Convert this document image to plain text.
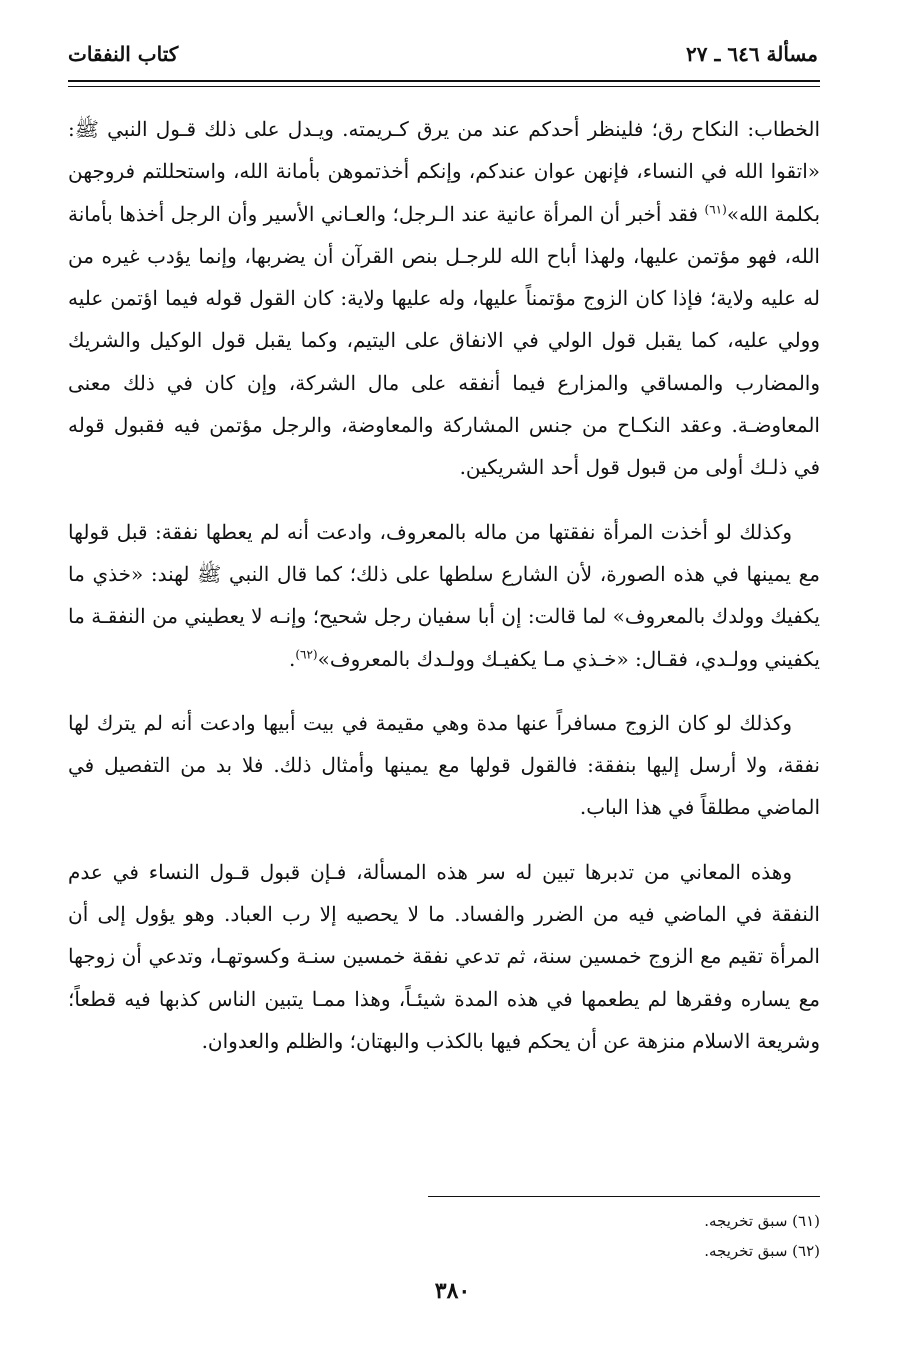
مسألة ٦٤٦ ـ ٢٧
كتاب النفقات

الخطاب: النكاح رق؛ فلينظر أحدكم عند من يرق كـريمته. ويـدل على ذلك قـول النبي ﷺ: «اتقوا الله في النساء، فإنهن عوان عندكم، وإنكم أخذتموهن بأمانة الله، واستحللتم فروجهن بكلمة الله»$^{(٦١)}$ فقد أخبر أن المرأة عانية عند الـرجل؛ والعـاني الأسير وأن الرجل أخذها بأمانة الله، فهو مؤتمن عليها، ولهذا أباح الله للرجـل بنص القرآن أن يضربها، وإنما يؤدب غيره من له عليه ولاية؛ فإذا كان الزوج مؤتمناً عليها، وله عليها ولاية: كان القول قوله فيما اؤتمن عليه وولي عليه، كما يقبل قول الولي في الانفاق على اليتيم، وكما يقبل قول الوكيل والشريك والمضارب والمساقي والمزارع فيما أنفقه على مال الشركة، وإن كان في ذلك معنى المعاوضـة. وعقد النكـاح من جنس المشاركة والمعاوضة، والرجل مؤتمن فيه فقبول قوله في ذلـك أولى من قبول قول أحد الشريكين.

وكذلك لو أخذت المرأة نفقتها من ماله بالمعروف، وادعت أنه لم يعطها نفقة: قبل قولها مع يمينها في هذه الصورة، لأن الشارع سلطها على ذلك؛ كما قال النبي ﷺ لهند: «خذي ما يكفيك وولدك بالمعروف» لما قالت: إن أبا سفيان رجل شحيح؛ وإنـه لا يعطيني من النفقـة ما يكفيني وولـدي، فقـال: «خـذي مـا يكفيـك وولـدك بالمعروف»$^{(٦٢)}$.

وكذلك لو كان الزوج مسافراً عنها مدة وهي مقيمة في بيت أبيها وادعت أنه لم يترك لها نفقة، ولا أرسل إليها بنفقة: فالقول قولها مع يمينها وأمثال ذلك. فلا بد من التفصيل في الماضي مطلقاً في هذا الباب.

وهذه المعاني من تدبرها تبين له سر هذه المسألة، فـإن قبول قـول النساء في عدم النفقة في الماضي فيه من الضرر والفساد. ما لا يحصيه إلا رب العباد. وهو يؤول إلى أن المرأة تقيم مع الزوج خمسين سنة، ثم تدعي نفقة خمسين سنـة وكسوتهـا، وتدعي أن زوجها مع يساره وفقرها لم يطعمها في هذه المدة شيئـاً، وهذا ممـا يتبين الناس كذبها فيه قطعاً؛ وشريعة الاسلام منزهة عن أن يحكم فيها بالكذب والبهتان؛ والظلم والعدوان.

(٦١) سبق تخريجه.
(٦٢) سبق تخريجه.
٣٨٠
